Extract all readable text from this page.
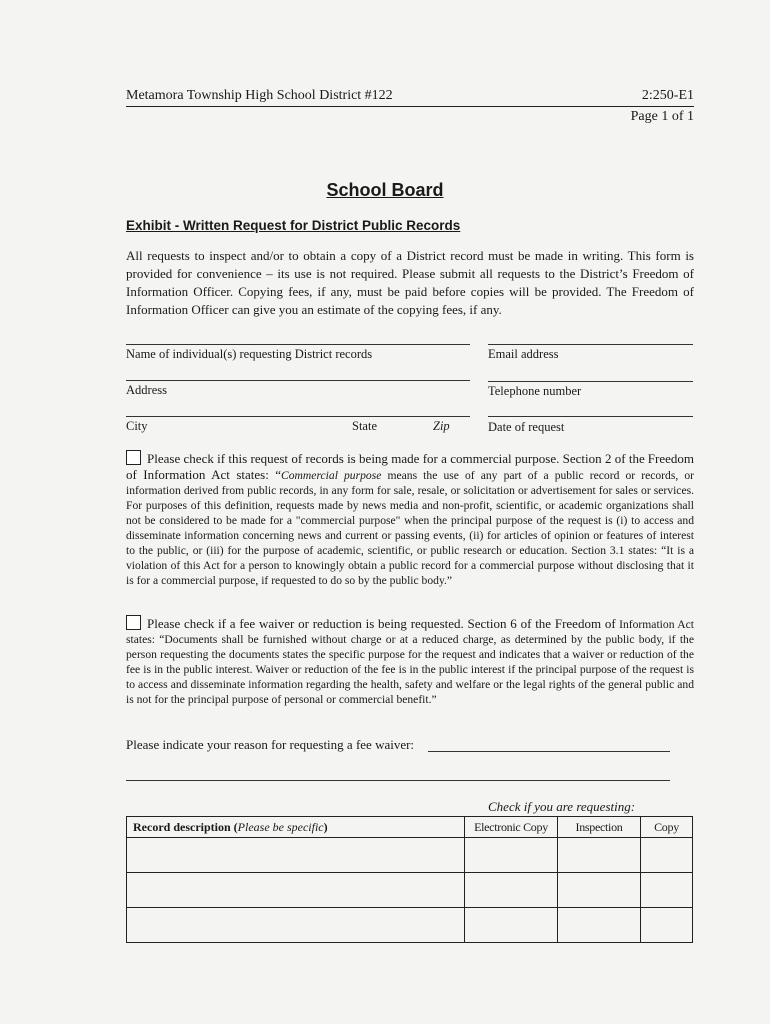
Metamora Township High School District #122	2:250-E1
Page 1 of 1
School Board
Exhibit - Written Request for District Public Records
All requests to inspect and/or to obtain a copy of a District record must be made in writing. This form is provided for convenience – its use is not required. Please submit all requests to the District’s Freedom of Information Officer. Copying fees, if any, must be paid before copies will be provided. The Freedom of Information Officer can give you an estimate of the copying fees, if any.
Name of individual(s) requesting District records	Email address
Address	Telephone number
City	State	Zip	Date of request
Please check if this request of records is being made for a commercial purpose. Section 2 of the Freedom of Information Act states: “Commercial purpose means the use of any part of a public record or records, or information derived from public records, in any form for sale, resale, or solicitation or advertisement for sales or services. For purposes of this definition, requests made by news media and non-profit, scientific, or academic organizations shall not be considered to be made for a "commercial purpose" when the principal purpose of the request is (i) to access and disseminate information concerning news and current or passing events, (ii) for articles of opinion or features of interest to the public, or (iii) for the purpose of academic, scientific, or public research or education. Section 3.1 states: “It is a violation of this Act for a person to knowingly obtain a public record for a commercial purpose without disclosing that it is for a commercial purpose, if requested to do so by the public body.”
Please check if a fee waiver or reduction is being requested. Section 6 of the Freedom of Information Act states: “Documents shall be furnished without charge or at a reduced charge, as determined by the public body, if the person requesting the documents states the specific purpose for the request and indicates that a waiver or reduction of the fee is in the public interest. Waiver or reduction of the fee is in the public interest if the principal purpose of the request is to access and disseminate information regarding the health, safety and welfare or the legal rights of the general public and is not for the principal purpose of personal or commercial benefit.”
Please indicate your reason for requesting a fee waiver:
Check if you are requesting:
Record description (Please be specific)	Electronic Copy	Inspection	Copy
